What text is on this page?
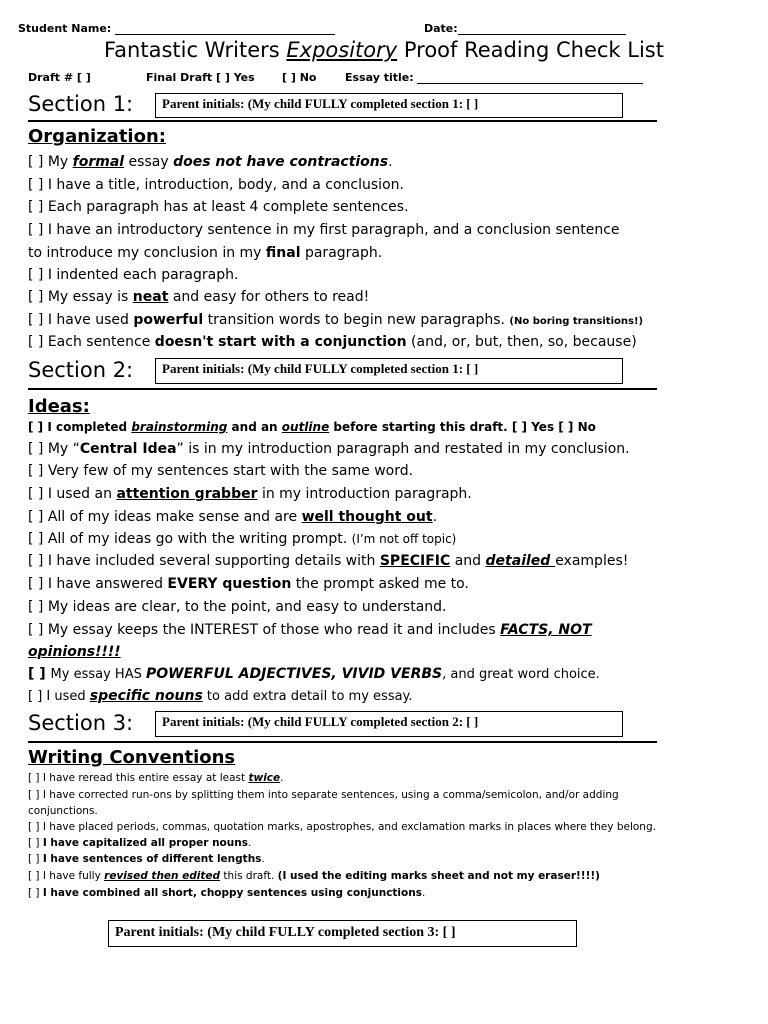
Student Name:	Date:
Fantastic Writers Expository Proof Reading Check List
Draft # [ ]	Final Draft [ ] Yes [ ] No	Essay title:
Section 1:	Parent initials: (My child FULLY completed section 1: [ ]
Organization:
[ ] My formal essay does not have contractions.
[ ] I have a title, introduction, body, and a conclusion.
[ ] Each paragraph has at least 4 complete sentences.
[ ] I have an introductory sentence in my first paragraph, and a conclusion sentence
to introduce my conclusion in my final paragraph.
[ ] I indented each paragraph.
[ ] My essay is neat and easy for others to read!
[ ] I have used powerful transition words to begin new paragraphs. (No boring transitions!)
[ ] Each sentence doesn't start with a conjunction (and, or, but, then, so, because)
Section 2:	Parent initials: (My child FULLY completed section 1: [ ]
Ideas:
[ ] I completed brainstorming and an outline before starting this draft. [ ] Yes [ ] No
[ ] My “Central Idea” is in my introduction paragraph and restated in my conclusion.
[ ] Very few of my sentences start with the same word.
[ ] I used an attention grabber in my introduction paragraph.
[ ] All of my ideas make sense and are well thought out.
[ ] All of my ideas go with the writing prompt. (I’m not off topic)
[ ] I have included several supporting details with SPECIFIC and detailed examples!
[ ] I have answered EVERY question the prompt asked me to.
[ ] My ideas are clear, to the point, and easy to understand.
[ ] My essay keeps the INTEREST of those who read it and includes FACTS, NOT
opinions!!!!
[ ] My essay HAS POWERFUL ADJECTIVES, VIVID VERBS, and great word choice.
[ ] I used specific nouns to add extra detail to my essay.
Section 3:	Parent initials: (My child FULLY completed section 2: [ ]
Writing Conventions
[ ] I have reread this entire essay at least twice.
[ ] I have corrected run-ons by splitting them into separate sentences, using a comma/semicolon, and/or adding
conjunctions.
[ ] I have placed periods, commas, quotation marks, apostrophes, and exclamation marks in places where they belong.
[ ] I have capitalized all proper nouns.
[ ] I have sentences of different lengths.
[ ] I have fully revised then edited this draft. (I used the editing marks sheet and not my eraser!!!!)
[ ] I have combined all short, choppy sentences using conjunctions.
Parent initials: (My child FULLY completed section 3: [ ]
